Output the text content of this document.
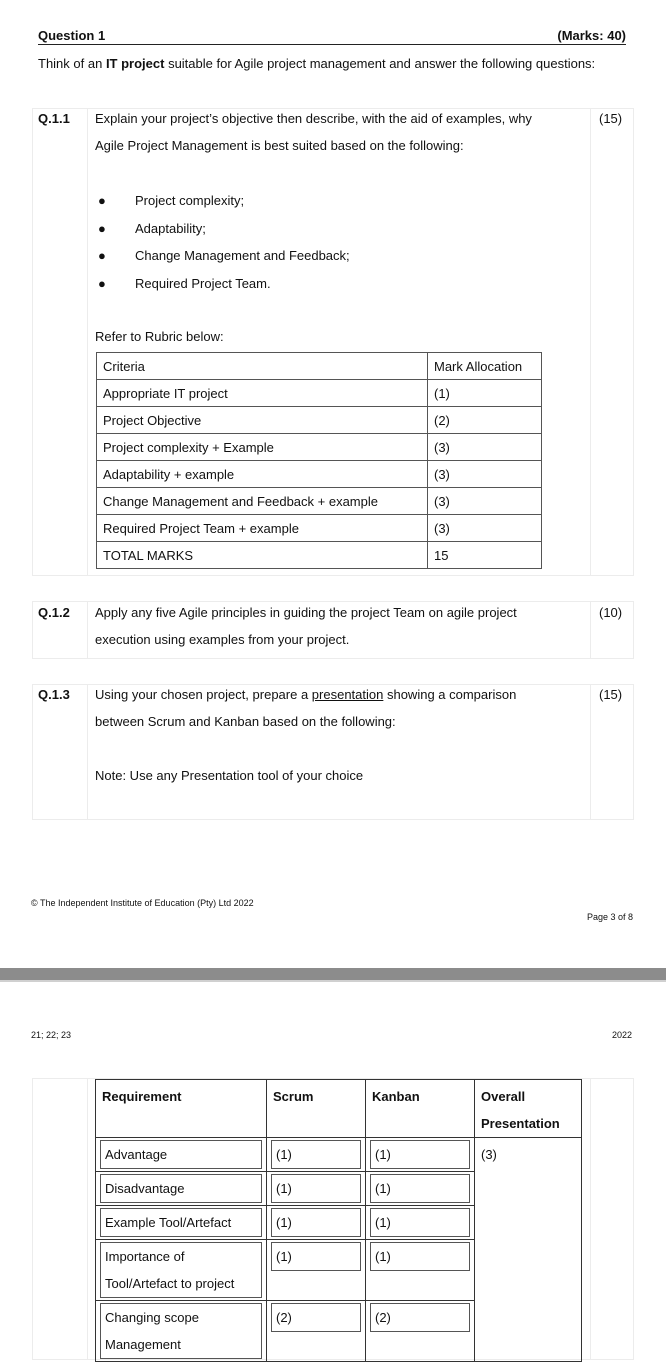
Question 1	(Marks: 40)
Think of an IT project suitable for Agile project management and answer the following questions:
Q.1.1	(15)
Explain your project’s objective then describe, with the aid of examples, why
Agile Project Management is best suited based on the following:
● Project complexity;
● Adaptability;
● Change Management and Feedback;
● Required Project Team.
Refer to Rubric below:
Criteria	Mark Allocation
Appropriate IT project	(1)
Project Objective	(2)
Project complexity + Example	(3)
Adaptability + example	(3)
Change Management and Feedback + example	(3)
Required Project Team + example	(3)
TOTAL MARKS	15
Q.1.2	(10)
Apply any five Agile principles in guiding the project Team on agile project
execution using examples from your project.
Q.1.3	(15)
Using your chosen project, prepare a presentation showing a comparison
between Scrum and Kanban based on the following:
Note: Use any Presentation tool of your choice
© The Independent Institute of Education (Pty) Ltd 2022
Page 3 of 8
21; 22; 23	2022
Requirement	Scrum	Kanban	Overall Presentation

Advantage	(1)	(1)	(3)

Disadvantage	(1)	(1)	

Example Tool/Artefact	(1)	(1)	

Importance of Tool/Artefact to project	(1)	(1)	

Changing scope Management	(2)	(2)	
